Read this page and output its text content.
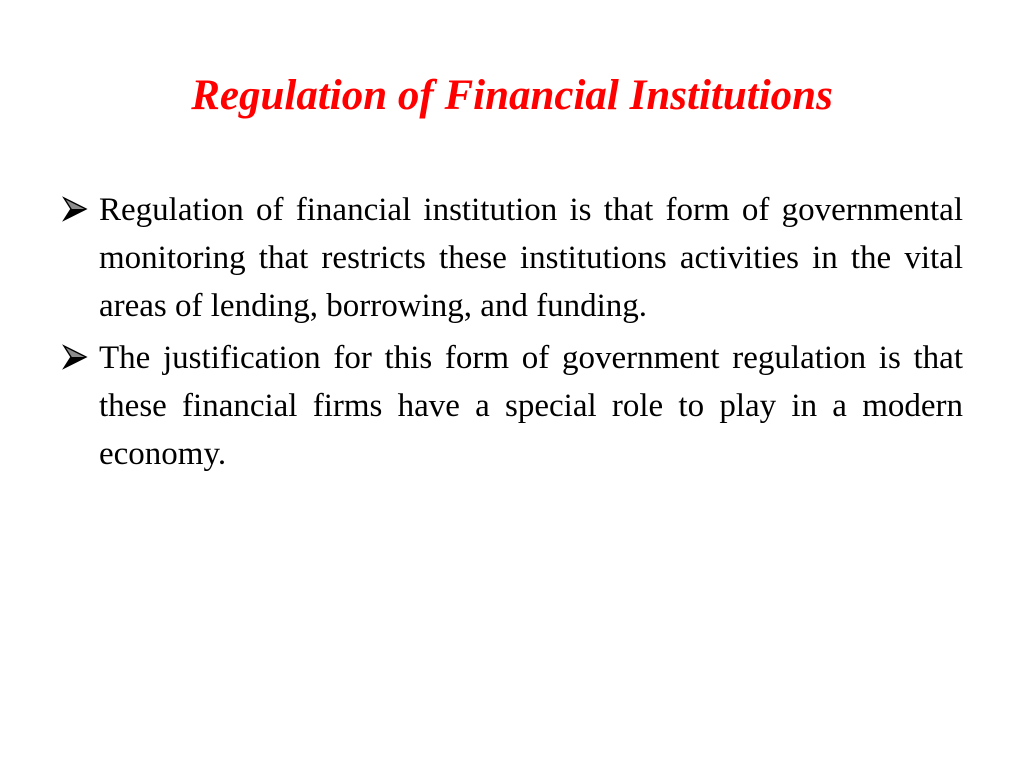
Regulation of Financial Institutions
Regulation of financial institution is that form of governmental monitoring that restricts these institutions activities in the vital areas of lending, borrowing, and funding.
The justification for this form of government regulation is that these financial firms have a special role to play in a modern economy.
